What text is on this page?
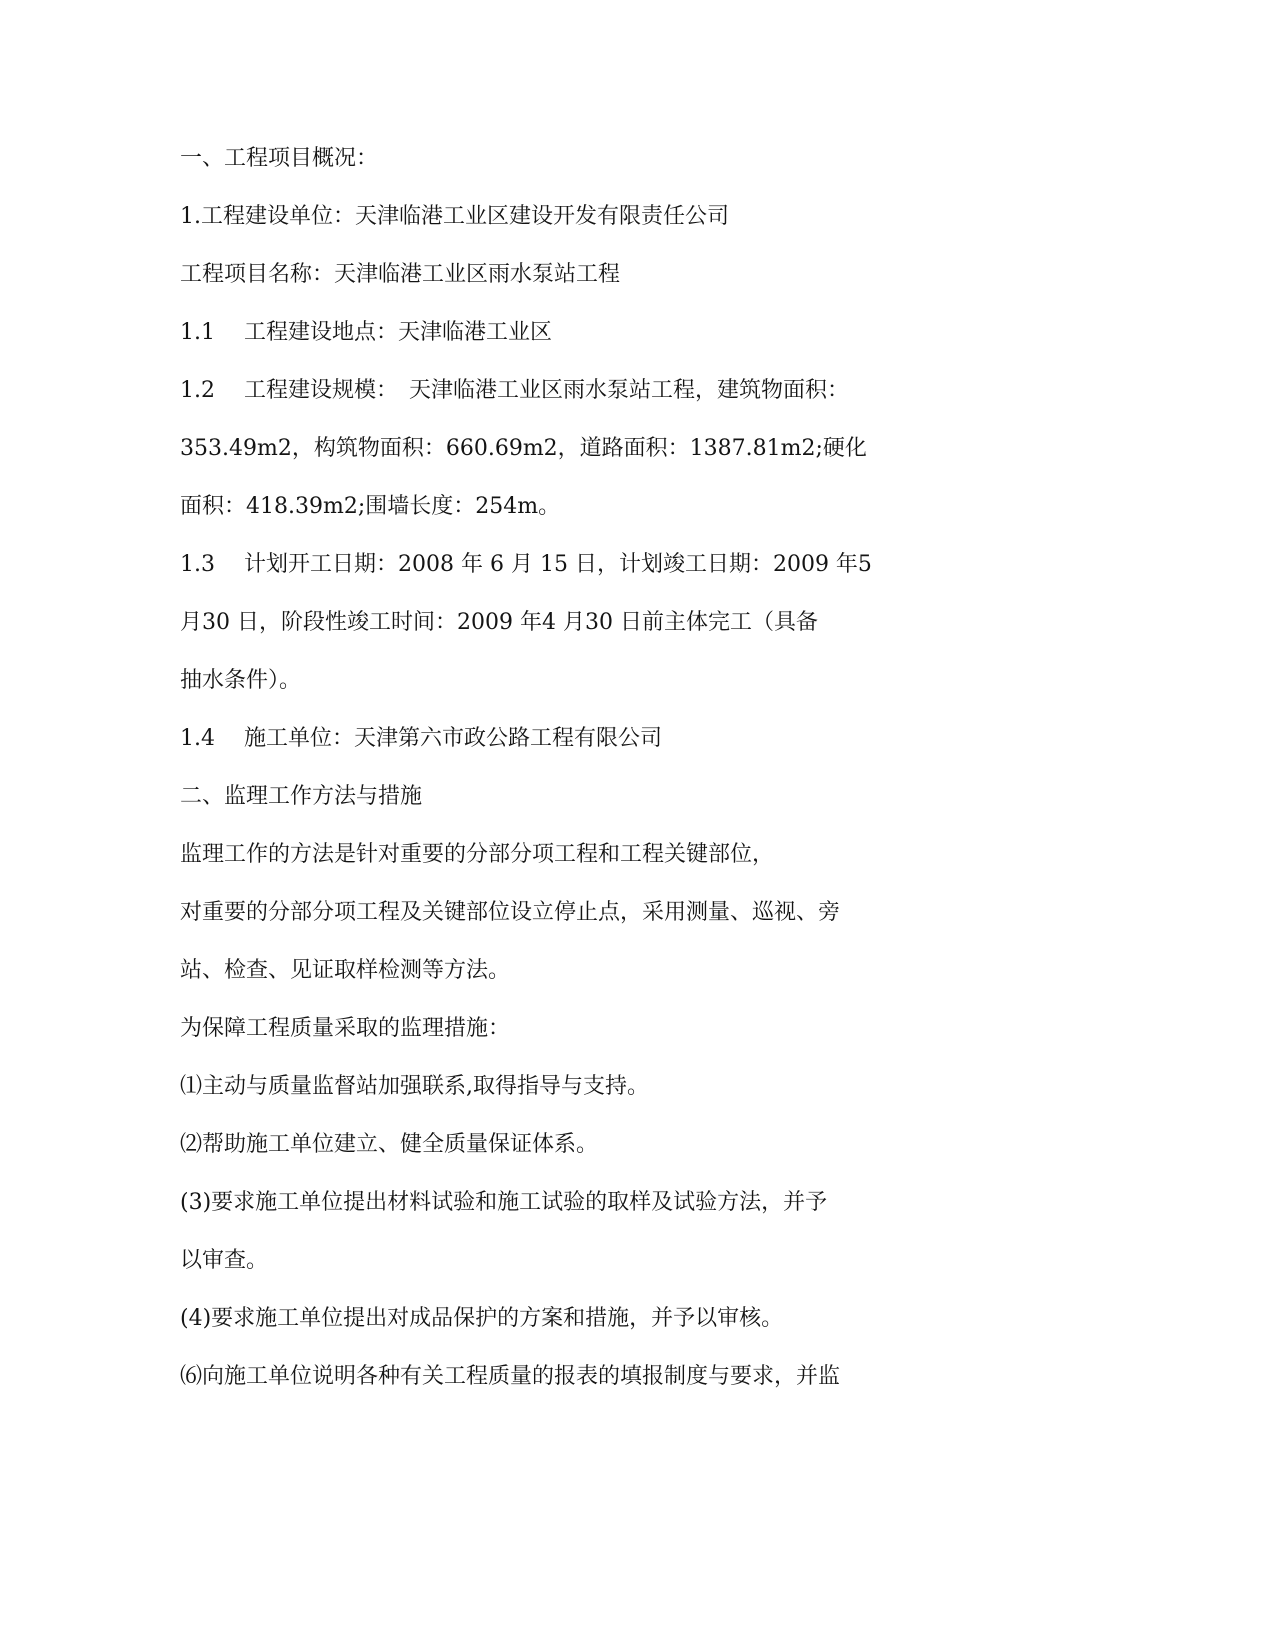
一、工程项目概况：
1.工程建设单位：天津临港工业区建设开发有限责任公司
工程项目名称：天津临港工业区雨水泵站工程
1.1 工程建设地点：天津临港工业区
1.2 工程建设规模：　天津临港工业区雨水泵站工程，建筑物面积：
353.49m2，构筑物面积：660.69m2，道路面积：1387.81m2;硬化
面积：418.39m2;围墙长度：254m。
1.3 计划开工日期：2008 年 6 月 15 日，计划竣工日期：2009 年5
月30 日，阶段性竣工时间：2009 年4 月30 日前主体完工（具备
抽水条件）。
1.4 施工单位：天津第六市政公路工程有限公司
二、监理工作方法与措施
监理工作的方法是针对重要的分部分项工程和工程关键部位，
对重要的分部分项工程及关键部位设立停止点，采用测量、巡视、旁
站、检查、见证取样检测等方法。
为保障工程质量采取的监理措施：
⑴主动与质量监督站加强联系,取得指导与支持。
⑵帮助施工单位建立、健全质量保证体系。
(3)要求施工单位提出材料试验和施工试验的取样及试验方法，并予
以审查。
(4)要求施工单位提出对成品保护的方案和措施，并予以审核。
⑹向施工单位说明各种有关工程质量的报表的填报制度与要求，并监
